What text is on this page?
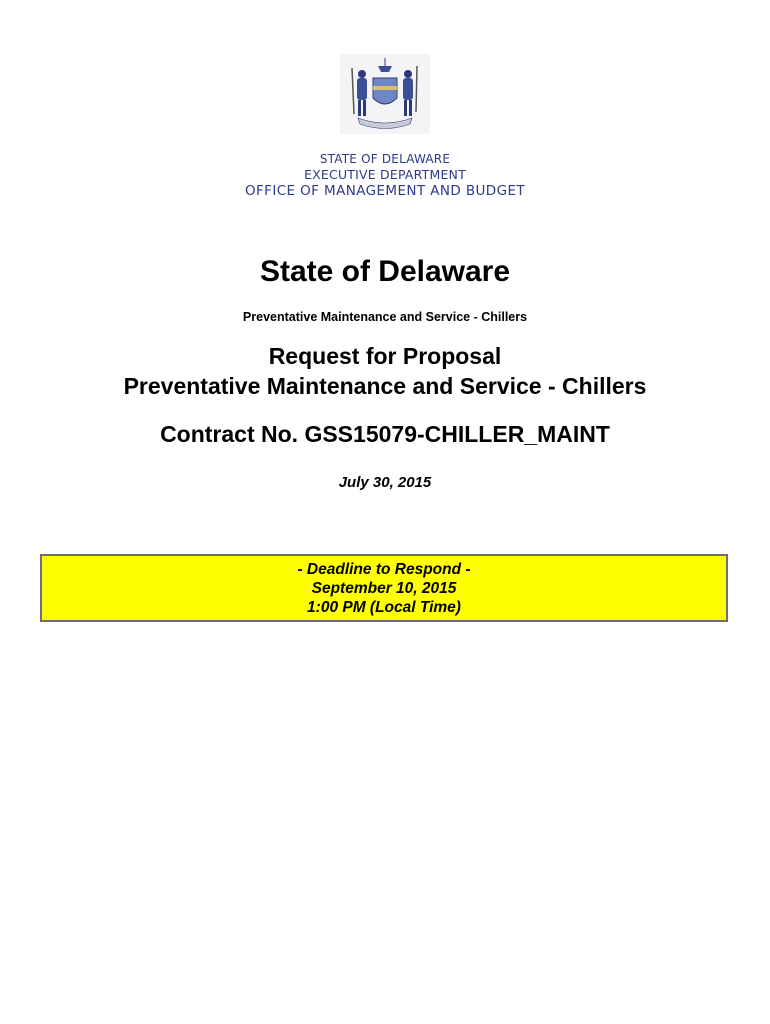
STATE OF DELAWARE
EXECUTIVE DEPARTMENT
OFFICE OF MANAGEMENT AND BUDGET
State of Delaware
Preventative Maintenance and Service - Chillers
Request for Proposal
Preventative Maintenance and Service - Chillers
Contract No. GSS15079-CHILLER_MAINT
July 30, 2015
- Deadline to Respond -
September 10, 2015
1:00 PM (Local Time)
